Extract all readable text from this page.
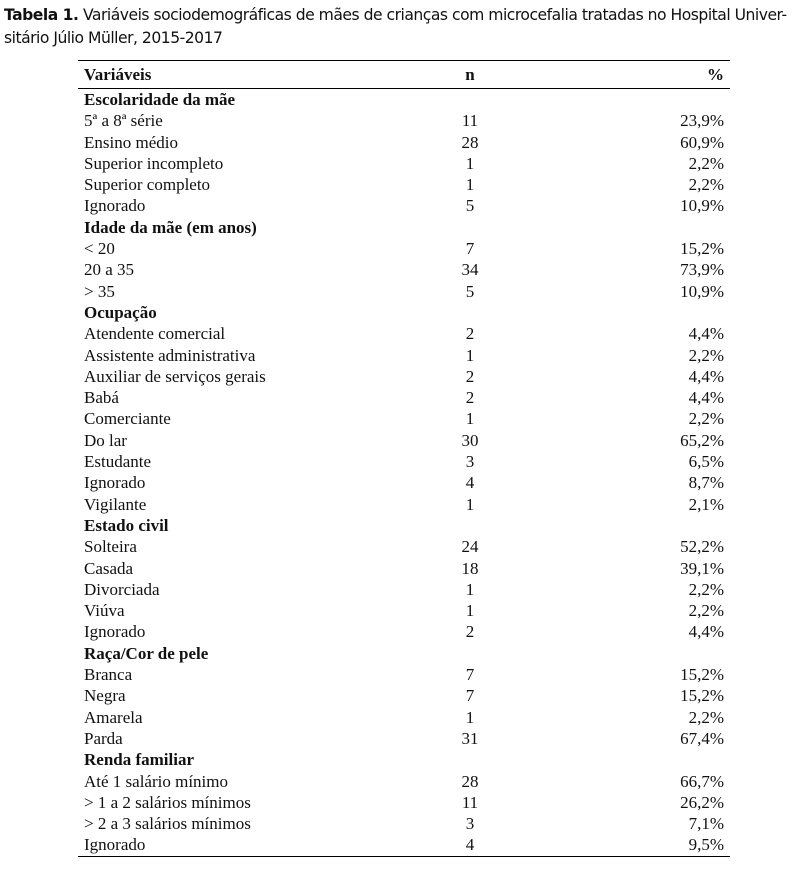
Tabela 1. Variáveis sociodemográficas de mães de crianças com microcefalia tratadas no Hospital Univer-sitário Júlio Müller, 2015-2017
Variáveis	n	%
Escolaridade da mãe
5ª a 8ª série	11	23,9%
Ensino médio	28	60,9%
Superior incompleto	1	2,2%
Superior completo	1	2,2%
Ignorado	5	10,9%
Idade da mãe (em anos)
< 20	7	15,2%
20 a 35	34	73,9%
> 35	5	10,9%
Ocupação
Atendente comercial	2	4,4%
Assistente administrativa	1	2,2%
Auxiliar de serviços gerais	2	4,4%
Babá	2	4,4%
Comerciante	1	2,2%
Do lar	30	65,2%
Estudante	3	6,5%
Ignorado	4	8,7%
Vigilante	1	2,1%
Estado civil
Solteira	24	52,2%
Casada	18	39,1%
Divorciada	1	2,2%
Viúva	1	2,2%
Ignorado	2	4,4%
Raça/Cor de pele
Branca	7	15,2%
Negra	7	15,2%
Amarela	1	2,2%
Parda	31	67,4%
Renda familiar
Até 1 salário mínimo	28	66,7%
> 1 a 2 salários mínimos	11	26,2%
> 2 a 3 salários mínimos	3	7,1%
Ignorado	4	9,5%
